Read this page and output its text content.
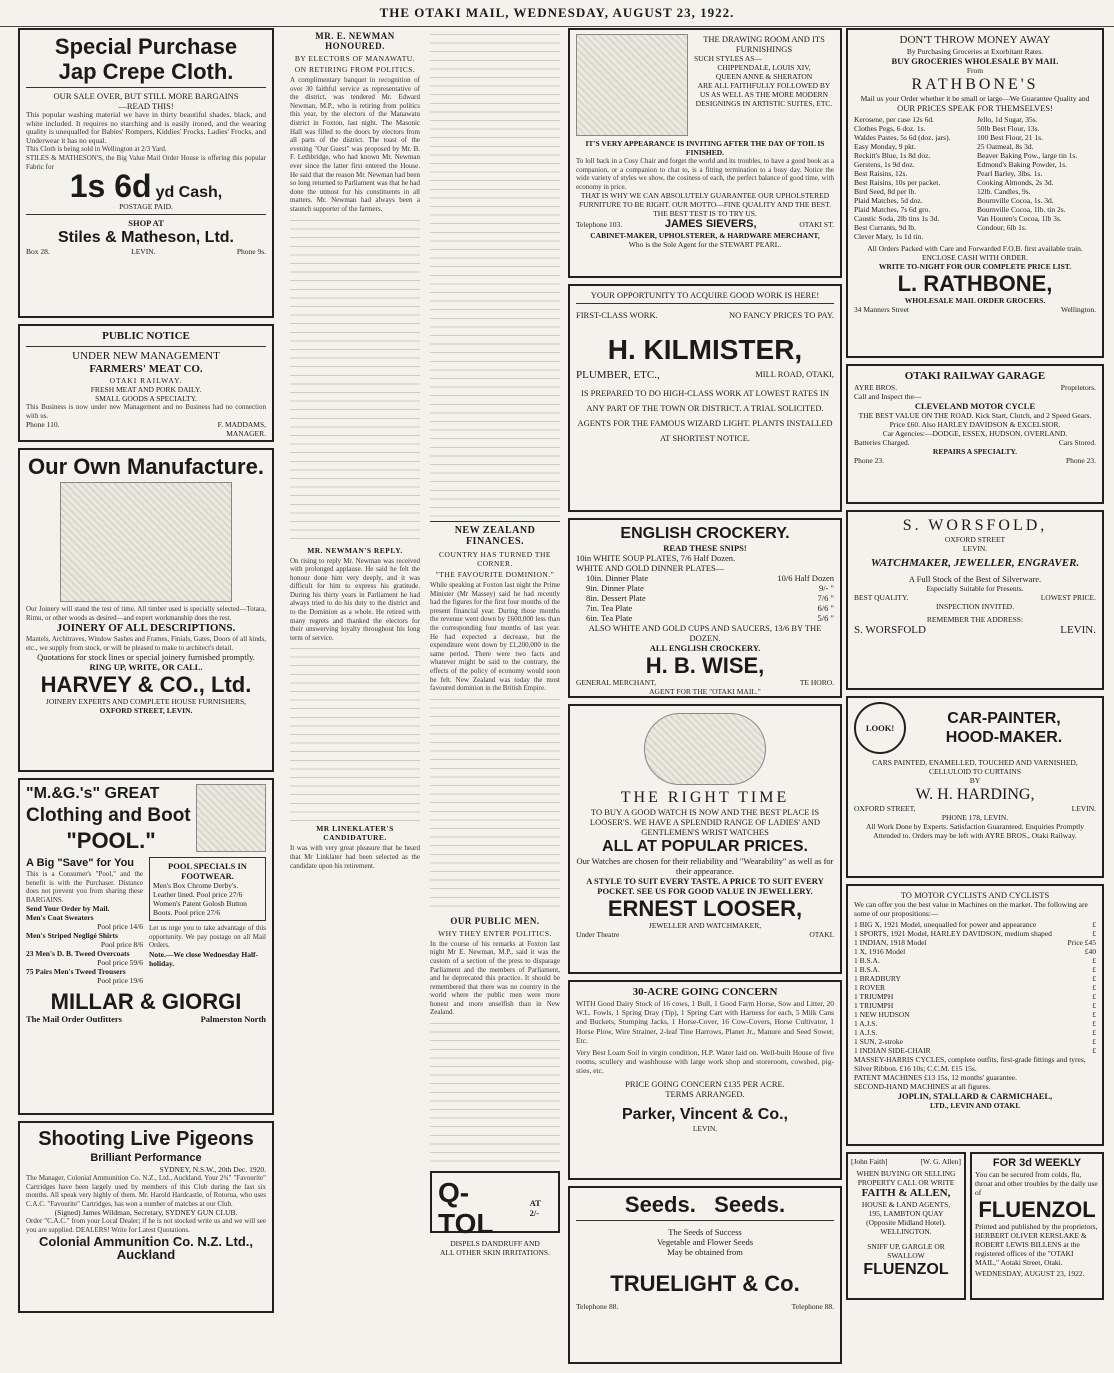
THE OTAKI MAIL, WEDNESDAY, AUGUST 23, 1922.
Special Purchase
Jap Crepe Cloth.
OUR SALE OVER, BUT STILL MORE BARGAINS
—READ THIS!
This popular washing material we have in thirty beautiful shades, black, and white included. It requires no starching and is easily ironed, and the wearing quality is unequalled for Babies' Rompers, Kiddies' Frocks, Ladies' Frocks, and Underwear it has no equal.
This Cloth is being sold in Wellington at 2/3 Yard.
STILES & MATHESON'S, the Big Value Mail Order House is offering this popular Fabric for
1s 6d yd Cash,
POSTAGE PAID.
SHOP AT
Stiles & Matheson, Ltd.
Box 28.	LEVIN.	Phone 9s.
PUBLIC NOTICE
UNDER NEW MANAGEMENT
FARMERS' MEAT CO.
OTAKI RAILWAY.
FRESH MEAT AND PORK DAILY.
SMALL GOODS A SPECIALTY.
This Business is now under new Management and no Business had no connection with us.
Phone 110.	F. MADDAMS,
MANAGER.
Our Own Manufacture.
Our Joinery will stand the test of time. All timber used is specially selected—Totara, Rimu, or other woods as desired—and expert workmanship does the rest.
JOINERY OF ALL DESCRIPTIONS.
Mantels, Architraves, Window Sashes and Frames, Finials, Gates, Doors of all kinds, etc., we supply from stock, or will be pleased to make to architect's detail.
Quotations for stock lines or special joinery furnished promptly.
RING UP, WRITE, OR CALL.
HARVEY & CO., Ltd.
JOINERY EXPERTS AND COMPLETE HOUSE FURNISHERS,
OXFORD STREET, LEVIN.
"M.&G.'s" GREAT
Clothing and Boot
"POOL."
A Big "Save" for You
This is a Consumer's "Pool," and the benefit is with the Purchaser. Distance does not prevent you from sharing these BARGAINS.
Send Your Order by Mail.
Men's Coat Sweaters
Pool price 14/6
Men's Striped Negligé Shirts
Pool price 8/6
23 Men's D. B. Tweed Overcoats
Pool price 59/6
75 Pairs Men's Tweed Trousers
Pool price 19/6
POOL SPECIALS IN FOOTWEAR.
Men's Box Chrome Derby's. Leather lined. Pool price 27/6
Women's Patent Golosh Button Boots. Pool price 27/6
Let us urge you to take advantage of this opportunity. We pay postage on all Mail Orders.
Note.—We close Wednesday Half-holiday.
MILLAR & GIORGI
The Mail Order Outfitters	Palmerston North
Shooting Live Pigeons
Brilliant Performance
SYDNEY, N.S.W., 20th Dec. 1920.
The Manager, Colonial Ammunition Co. N.Z., Ltd., Auckland. Your 2¾" "Favourite" Cartridges have been largely used by members of this Club during the last six months. All speak very highly of them. Mr. Harold Hardcastle, of Rotorua, who uses C.A.C. "Favourite" Cartridges, has won a number of matches at our Club.
(Signed) James Wildman, Secretary, SYDNEY GUN CLUB.
Order "C.A.C." from your Local Dealer; if he is not stocked write us and we will see you are supplied. DEALERS! Write for Latest Quotations.
Colonial Ammunition Co. N.Z. Ltd., Auckland
MR. E. NEWMAN HONOURED.
BY ELECTORS OF MANAWATU.
ON RETIRING FROM POLITICS.
A complimentary banquet in recognition of over 30 faithful service as representative of the district, was tendered Mr. Edward Newman, M.P., who is retiring from politics this year, by the electors of the Manawatu district in Foxton, last night. The Masonic Hall was filled to the doors by electors from all parts of the district. The toast of the evening "Our Guest" was proposed by Mr. B. F. Lethbridge, who had known Mr. Newman ever since the latter first entered the House. He said that the reason Mr. Newman had been so long returned to Parliament was that he had done the utmost for his constituents in all matters. Mr. Newman had always been a staunch supporter of the farmers.
MR. NEWMAN'S REPLY.
On rising to reply Mr. Newman was received with prolonged applause. He said he felt the honour done him very deeply, and it was difficult for him to express his gratitude. During his thirty years in Parliament he had always tried to do his duty to the district and to the Dominion as a whole. He retired with many regrets and thanked the electors for their unswerving loyalty throughout his long term of service.
MR LINEKLATER'S CANDIDATURE.
It was with very great pleasure that he heard that Mr Linklater had been selected as the candidate upon his retirement.
NEW ZEALAND FINANCES.
COUNTRY HAS TURNED THE CORNER.
"THE FAVOURITE DOMINION."
While speaking at Foxton last night the Prime Minister (Mr Massey) said he had recently had the figures for the first four months of the present financial year. During those months the revenue went down by £600,000 less than the corresponding four months of last year. He had expected a decrease, but the expenditure went down by £1,200,000 in the same period. There were two facts and whatever might be said to the contrary, the effects of the policy of economy would soon be felt. New Zealand was today the most favoured dominion in the British Empire.
OUR PUBLIC MEN.
WHY THEY ENTER POLITICS.
In the course of his remarks at Foxton last night Mr E. Newman, M.P., said it was the custom of a section of the press to disparage Parliament and the members of Parliament, and he deprecated this practice. It should be remembered that there was no country in the world where the public men were more honest and more unselfish than in New Zealand.
Q-TOL
AT 2/-
DISPELS DANDRUFF AND
ALL OTHER SKIN IRRITATIONS.
THE DRAWING ROOM AND ITS FURNISHINGS
SUCH STYLES AS—
CHIPPENDALE, LOUIS XIV,
QUEEN ANNE & SHERATON
ARE ALL FAITHFULLY FOLLOWED BY US AS WELL AS THE MORE MODERN DESIGNINGS IN ARTISTIC SUITES, ETC.
IT'S VERY APPEARANCE IS INVITING AFTER THE DAY OF TOIL IS FINISHED.
To loll back in a Cosy Chair and forget the world and its troubles, to have a good book as a companion, or a companion to chat to, is a fitting termination to a busy day. Notice the wide variety of styles we show, the cosiness of each, the perfect balance of good time, with economy in price.
THAT IS WHY WE CAN ABSOLUTELY GUARANTEE OUR UPHOLSTERED FURNITURE TO BE RIGHT. OUR MOTTO—FINE QUALITY AND THE BEST. THE BEST TEST IS TO TRY US.
Telephone 103.	JAMES SIEVERS,	OTAKI ST.
CABINET-MAKER, UPHOLSTERER, & HARDWARE MERCHANT,
Who is the Sole Agent for the STEWART PEARL.
YOUR OPPORTUNITY TO ACQUIRE GOOD WORK IS HERE!
FIRST-CLASS WORK.	NO FANCY PRICES TO PAY.
H. KILMISTER,
PLUMBER, ETC.,	MILL ROAD, OTAKI,
IS PREPARED TO DO HIGH-CLASS WORK AT LOWEST RATES IN ANY PART OF THE TOWN OR DISTRICT. A TRIAL SOLICITED. AGENTS FOR THE FAMOUS WIZARD LIGHT. PLANTS INSTALLED AT SHORTEST NOTICE.
ENGLISH CROCKERY.
READ THESE SNIPS!
10in WHITE SOUP PLATES, 7/6 Half Dozen.
WHITE AND GOLD DINNER PLATES—
10in. Dinner Plate	10/6 Half Dozen
9in. Dinner Plate	9/- "
8in. Dessert Plate	7/6 "
7in. Tea Plate	6/6 "
6in. Tea Plate	5/6 "
ALSO WHITE AND GOLD CUPS AND SAUCERS, 13/6 BY THE DOZEN.
ALL ENGLISH CROCKERY.
H. B. WISE,
GENERAL MERCHANT,	TE HORO.
AGENT FOR THE "OTAKI MAIL."
THE RIGHT TIME
TO BUY A GOOD WATCH IS NOW AND THE BEST PLACE IS LOOSER'S. WE HAVE A SPLENDID RANGE OF LADIES' AND GENTLEMEN'S WRIST WATCHES
ALL AT POPULAR PRICES.
Our Watches are chosen for their reliability and "Wearability" as well as for their appearance.
A STYLE TO SUIT EVERY TASTE. A PRICE TO SUIT EVERY POCKET. SEE US FOR GOOD VALUE IN JEWELLERY.
ERNEST LOOSER,
JEWELLER AND WATCHMAKER,
Under Theatre	OTAKI.
30-ACRE GOING CONCERN
WITH Good Dairy Stock of 16 cows, 1 Bull, 1 Good Farm Horse, Sow and Litter, 20 W.L. Fowls, 1 Spring Dray (Tip), 1 Spring Cart with Harness for each, 5 Milk Cans and Buckets, Stumping Jacks, 1 Horse-Cover, 16 Cow-Covers, Horse Cultivator, 1 Horse Plow, Wire Strainer, 2-leaf Tine Harrows, Planet Jr., Manure and Seed Sower, Etc.
Very Best Loam Soil in virgin condition, H.P. Water laid on. Well-built House of five rooms, scullery and washhouse with large work shop and storeroom, cowshed, pig-sties, etc.
PRICE GOING CONCERN £135 PER ACRE.
TERMS ARRANGED.
Parker, Vincent & Co.,
LEVIN.
Seeds.   Seeds.
The Seeds of Success
Vegetable and Flower Seeds
May be obtained from
TRUELIGHT & Co.
Telephone 88.	Telephone 88.
DON'T THROW MONEY AWAY
By Purchasing Groceries at Exorbitant Rates.
BUY GROCERIES WHOLESALE BY MAIL
From
RATHBONE'S
Mail us your Order whether it be small or large—We Guarantee Quality and
OUR PRICES SPEAK FOR THEMSELVES!
Kerosene, per case 12s 6d.
Clothes Pegs, 6 doz. 1s.
Waldes Pastes, 5s 6d (doz. jars).
Easy Monday, 9 pkt.
Reckitt's Blue, 1s 8d doz.
Gerstens, 1s 9d doz.
Best Raisins, 12s.
Best Raisins, 10s per packet.
Bird Seed, 8d per lb.
Plaid Matches, 5d doz.
Plaid Matches, 7s 6d gro.
Caustic Soda, 2lb tins 1s 3d.
Best Currants, 9d lb.
Clever Mary, 1s 1d tin.
Jello, 1d Sugar, 35s.
50lb Best Flour, 13s.
100 Best Flour, 21 1s.
25 Oatmeal, 8s 3d.
Beaver Baking Pow., large tin 1s.
Edmond's Baking Powder, 1s.
Pearl Barley, 3lbs. 1s.
Cooking Almonds, 2s 3d.
12lb. Candles, 9s.
Bournville Cocoa, 1s. 3d.
Bournville Cocoa, 1lb. tin 2s.
Van Houten's Cocoa, 1lb 3s.
Condour, 6lb 1s.
All Orders Packed with Care and Forwarded F.O.B. first available train.
ENCLOSE CASH WITH ORDER.
WRITE TO-NIGHT FOR OUR COMPLETE PRICE LIST.
L. RATHBONE,
WHOLESALE MAIL ORDER GROCERS.
34 Manners Street	Wellington.
OTAKI RAILWAY GARAGE
AYRE BROS.	Proprietors.
Call and Inspect the—
CLEVELAND MOTOR CYCLE
THE BEST VALUE ON THE ROAD. Kick Start, Clutch, and 2 Speed Gears. Price £60. Also HARLEY DAVIDSON & EXCELSIOR.
Car Agencies:—DODGE, ESSEX, HUDSON, OVERLAND.
Batteries Charged.	Cars Stored.
REPAIRS A SPECIALTY.
Phone 23.	Phone 23.
S. WORSFOLD,
OXFORD STREET
LEVIN.
WATCHMAKER, JEWELLER, ENGRAVER.
A Full Stock of the Best of Silverware.
Especially Suitable for Presents.
BEST QUALITY.	LOWEST PRICE.
INSPECTION INVITED.
REMEMBER THE ADDRESS:
S. WORSFOLD	LEVIN.
LOOK!
CAR-PAINTER,
HOOD-MAKER.
CARS PAINTED, ENAMELLED, TOUCHED AND VARNISHED, CELLULOID TO CURTAINS
BY
W. H. HARDING,
OXFORD STREET,	LEVIN.
PHONE 178, LEVIN.
All Work Done by Experts. Satisfaction Guaranteed. Enquiries Promptly Attended to. Orders may be left with AYRE BROS., Otaki Railway.
TO MOTOR CYCLISTS AND CYCLISTS
We can offer you the best value in Machines on the market. The following are some of our propositions:—
1 BIG X, 1921 Model, unequalled for power and appearance	£
1 SPORTS, 1921 Model, HARLEY DAVIDSON, medium shaped	£
1 INDIAN, 1918 Model	Price £45
1 X, 1916 Model	£40
1 B.S.A.	£
1 B.S.A.	£
1 BRADBURY	£
1 ROVER	£
1 TRIUMPH	£
1 TRIUMPH	£
1 NEW HUDSON	£
1 A.J.S.	£
1 A.J.S.	£
1 SUN, 2-stroke	£
1 INDIAN SIDE-CHAIR	£
MASSEY-HARRIS CYCLES, complete outfits, first-grade fittings and tyres, Silver Ribbon. £16 10s; C.C.M. £15 15s.
PATENT MACHINES £13 15s, 12 months' guarantee.
SECOND-HAND MACHINES at all figures.
JOPLIN, STALLARD & CARMICHAEL,
LTD., LEVIN AND OTAKI.
[John Faith]	[W. G. Allen]
WHEN BUYING OR SELLING PROPERTY CALL OR WRITE
FAITH & ALLEN,
HOUSE & LAND AGENTS,
195, LAMBTON QUAY
(Opposite Midland Hotel).
WELLINGTON.
SNIFF UP, GARGLE OR SWALLOW
FLUENZOL
FOR 3d WEEKLY
You can be secured from colds, flu, throat and other troubles by the daily use of
FLUENZOL
Printed and published by the proprietors, HERBERT OLIVER KERSLAKE & ROBERT LEWIS BILLENS at the registered offices of the "OTAKI MAIL," Aotaki Street, Otaki.
WEDNESDAY, AUGUST 23, 1922.
